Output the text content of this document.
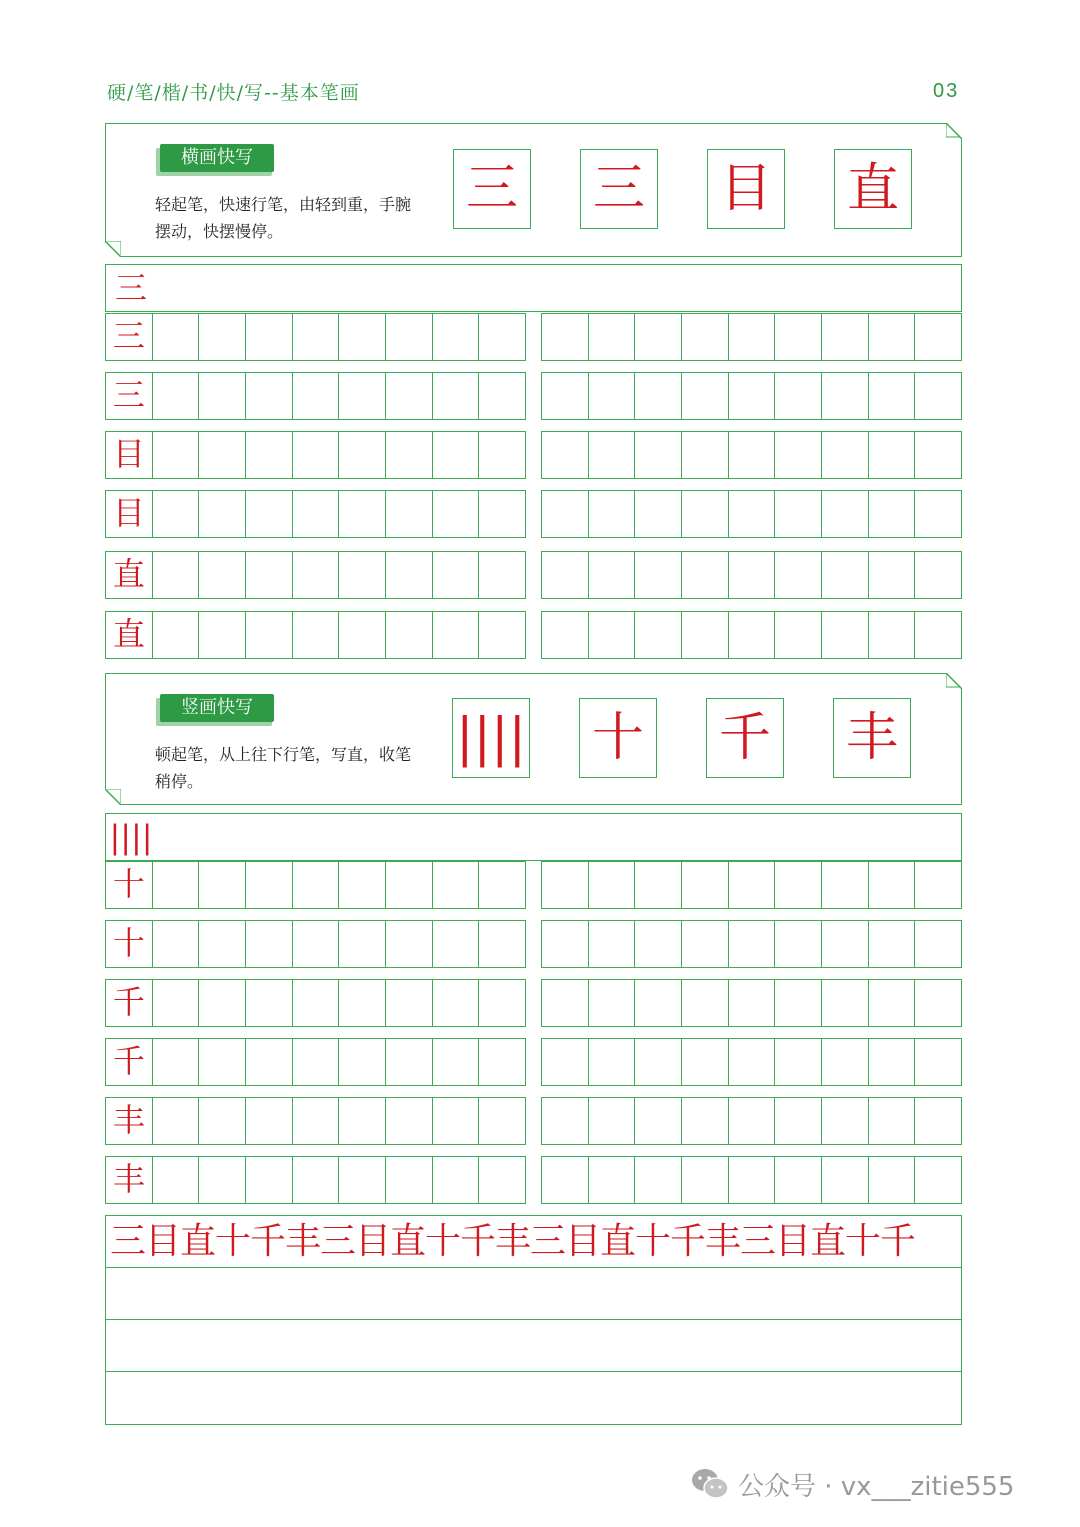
硬/笔/楷/书/快/写--基本笔画	03
横画快写
轻起笔，快速行笔，由轻到重，手腕摆动，快摆慢停。
三 三 目 直
三
三
三
目
目
直
直
竖画快写
顿起笔，从上往下行笔，写直，收笔稍停。
|||| 十 千 丰
||||
十
十
千
千
丰
丰
三目直十千丰三目直十千丰三目直十千丰三目直十千
公众号 · vx___zitie555
